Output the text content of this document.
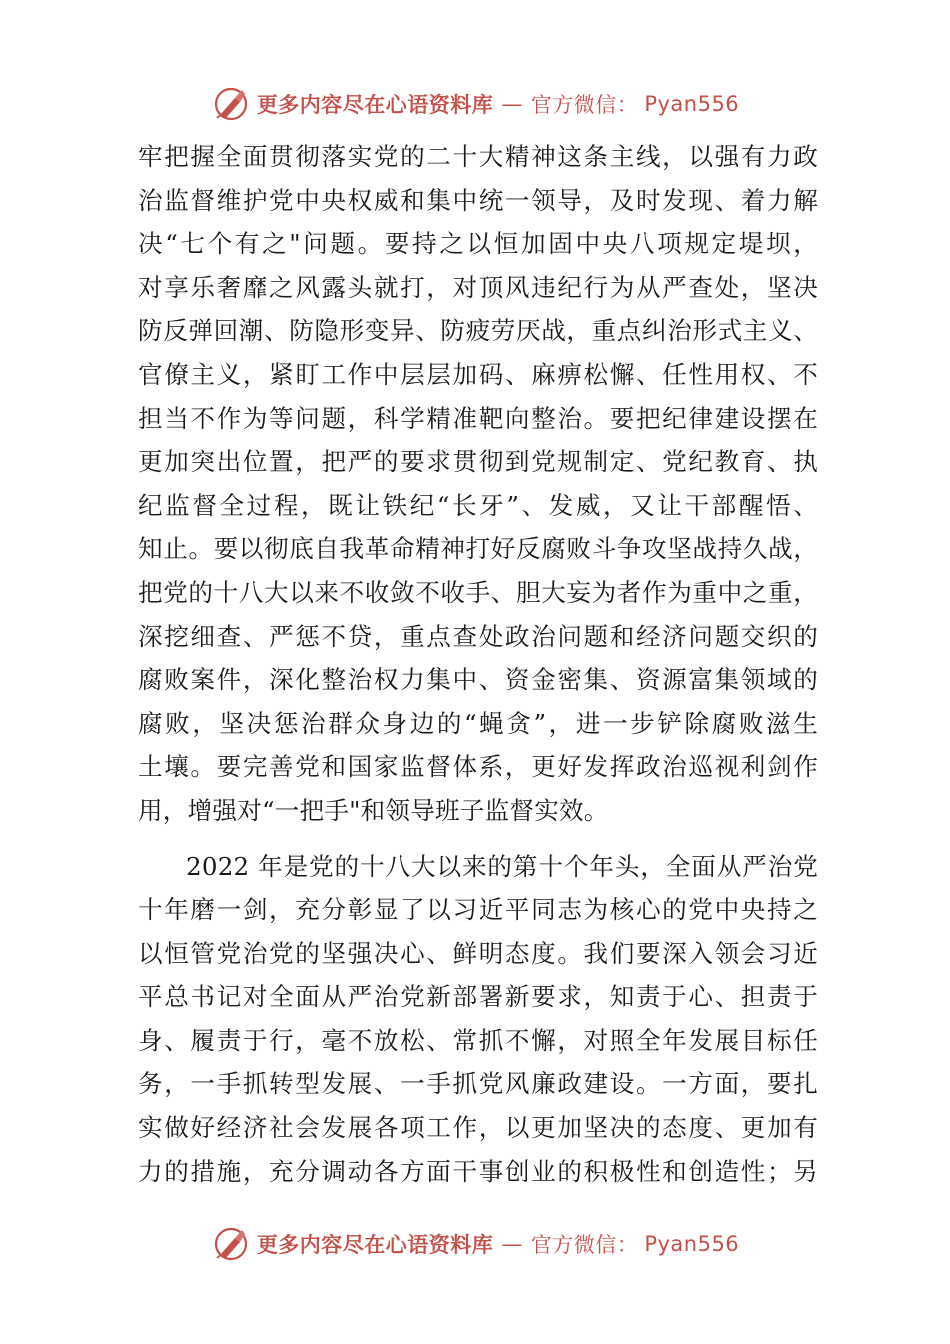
更多内容尽在心语资料库 — 官方微信： Pyan556
牢把握全面贯彻落实党的二十大精神这条主线，以强有力政
治监督维护党中央权威和集中统一领导，及时发现、着力解
决“七个有之"问题。要持之以恒加固中央八项规定堤坝，
对享乐奢靡之风露头就打，对顶风违纪行为从严查处，坚决
防反弹回潮、防隐形变异、防疲劳厌战，重点纠治形式主义、
官僚主义，紧盯工作中层层加码、麻痹松懈、任性用权、不
担当不作为等问题，科学精准靶向整治。要把纪律建设摆在
更加突出位置，把严的要求贯彻到党规制定、党纪教育、执
纪监督全过程，既让铁纪“长牙”、发威，又让干部醒悟、
知止。要以彻底自我革命精神打好反腐败斗争攻坚战持久战，
把党的十八大以来不收敛不收手、胆大妄为者作为重中之重，
深挖细查、严惩不贷，重点查处政治问题和经济问题交织的
腐败案件，深化整治权力集中、资金密集、资源富集领域的
腐败，坚决惩治群众身边的“蝇贪”，进一步铲除腐败滋生
土壤。要完善党和国家监督体系，更好发挥政治巡视利剑作
用，增强对“一把手"和领导班子监督实效。
2022 年是党的十八大以来的第十个年头，全面从严治党
十年磨一剑，充分彰显了以习近平同志为核心的党中央持之
以恒管党治党的坚强决心、鲜明态度。我们要深入领会习近
平总书记对全面从严治党新部署新要求，知责于心、担责于
身、履责于行，毫不放松、常抓不懈，对照全年发展目标任
务，一手抓转型发展、一手抓党风廉政建设。一方面，要扎
实做好经济社会发展各项工作，以更加坚决的态度、更加有
力的措施，充分调动各方面干事创业的积极性和创造性；另
更多内容尽在心语资料库 — 官方微信： Pyan556
